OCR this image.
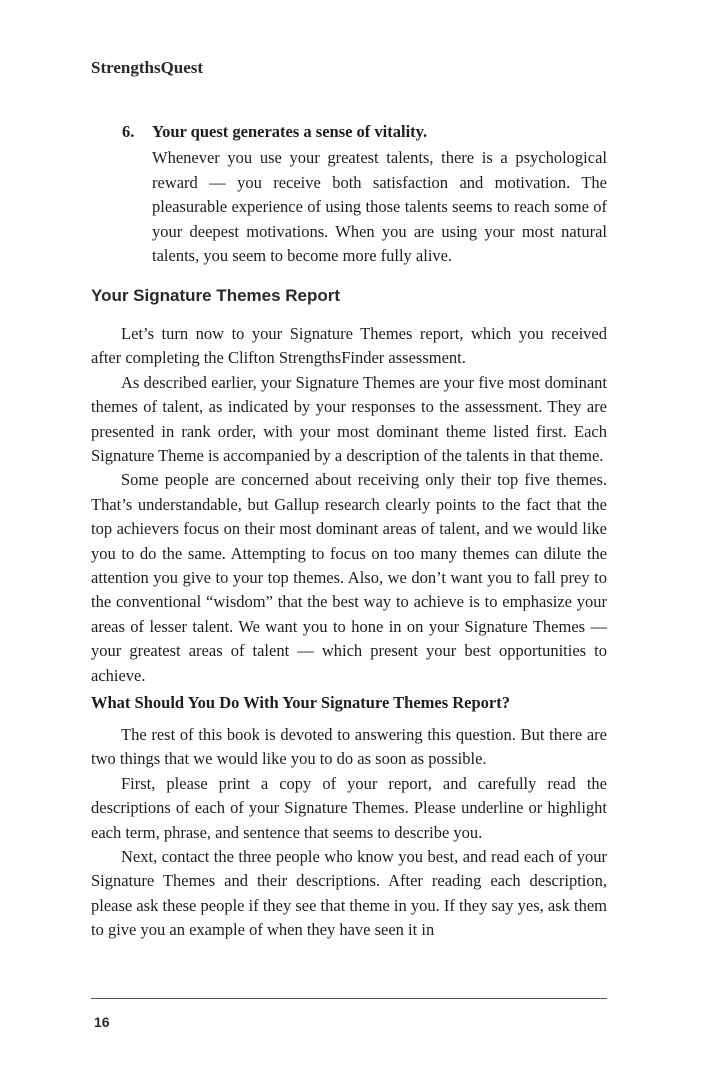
StrengthsQuest

6. Your quest generates a sense of vitality.

Whenever you use your greatest talents, there is a psychological reward — you receive both satisfaction and motivation. The pleasurable experience of using those talents seems to reach some of your deepest motivations. When you are using your most natural talents, you seem to become more fully alive.

Your Signature Themes Report

Let’s turn now to your Signature Themes report, which you received after completing the Clifton StrengthsFinder assessment.

As described earlier, your Signature Themes are your five most dominant themes of talent, as indicated by your responses to the assessment. They are presented in rank order, with your most dominant theme listed first. Each Signature Theme is accompanied by a description of the talents in that theme.

Some people are concerned about receiving only their top five themes. That’s understandable, but Gallup research clearly points to the fact that the top achievers focus on their most dominant areas of talent, and we would like you to do the same. Attempting to focus on too many themes can dilute the attention you give to your top themes. Also, we don’t want you to fall prey to the conventional “wisdom” that the best way to achieve is to emphasize your areas of lesser talent. We want you to hone in on your Signature Themes — your greatest areas of talent — which present your best opportunities to achieve.

What Should You Do With Your Signature Themes Report?

The rest of this book is devoted to answering this question. But there are two things that we would like you to do as soon as possible.

First, please print a copy of your report, and carefully read the descriptions of each of your Signature Themes. Please underline or highlight each term, phrase, and sentence that seems to describe you.

Next, contact the three people who know you best, and read each of your Signature Themes and their descriptions. After reading each description, please ask these people if they see that theme in you. If they say yes, ask them to give you an example of when they have seen it in

16
